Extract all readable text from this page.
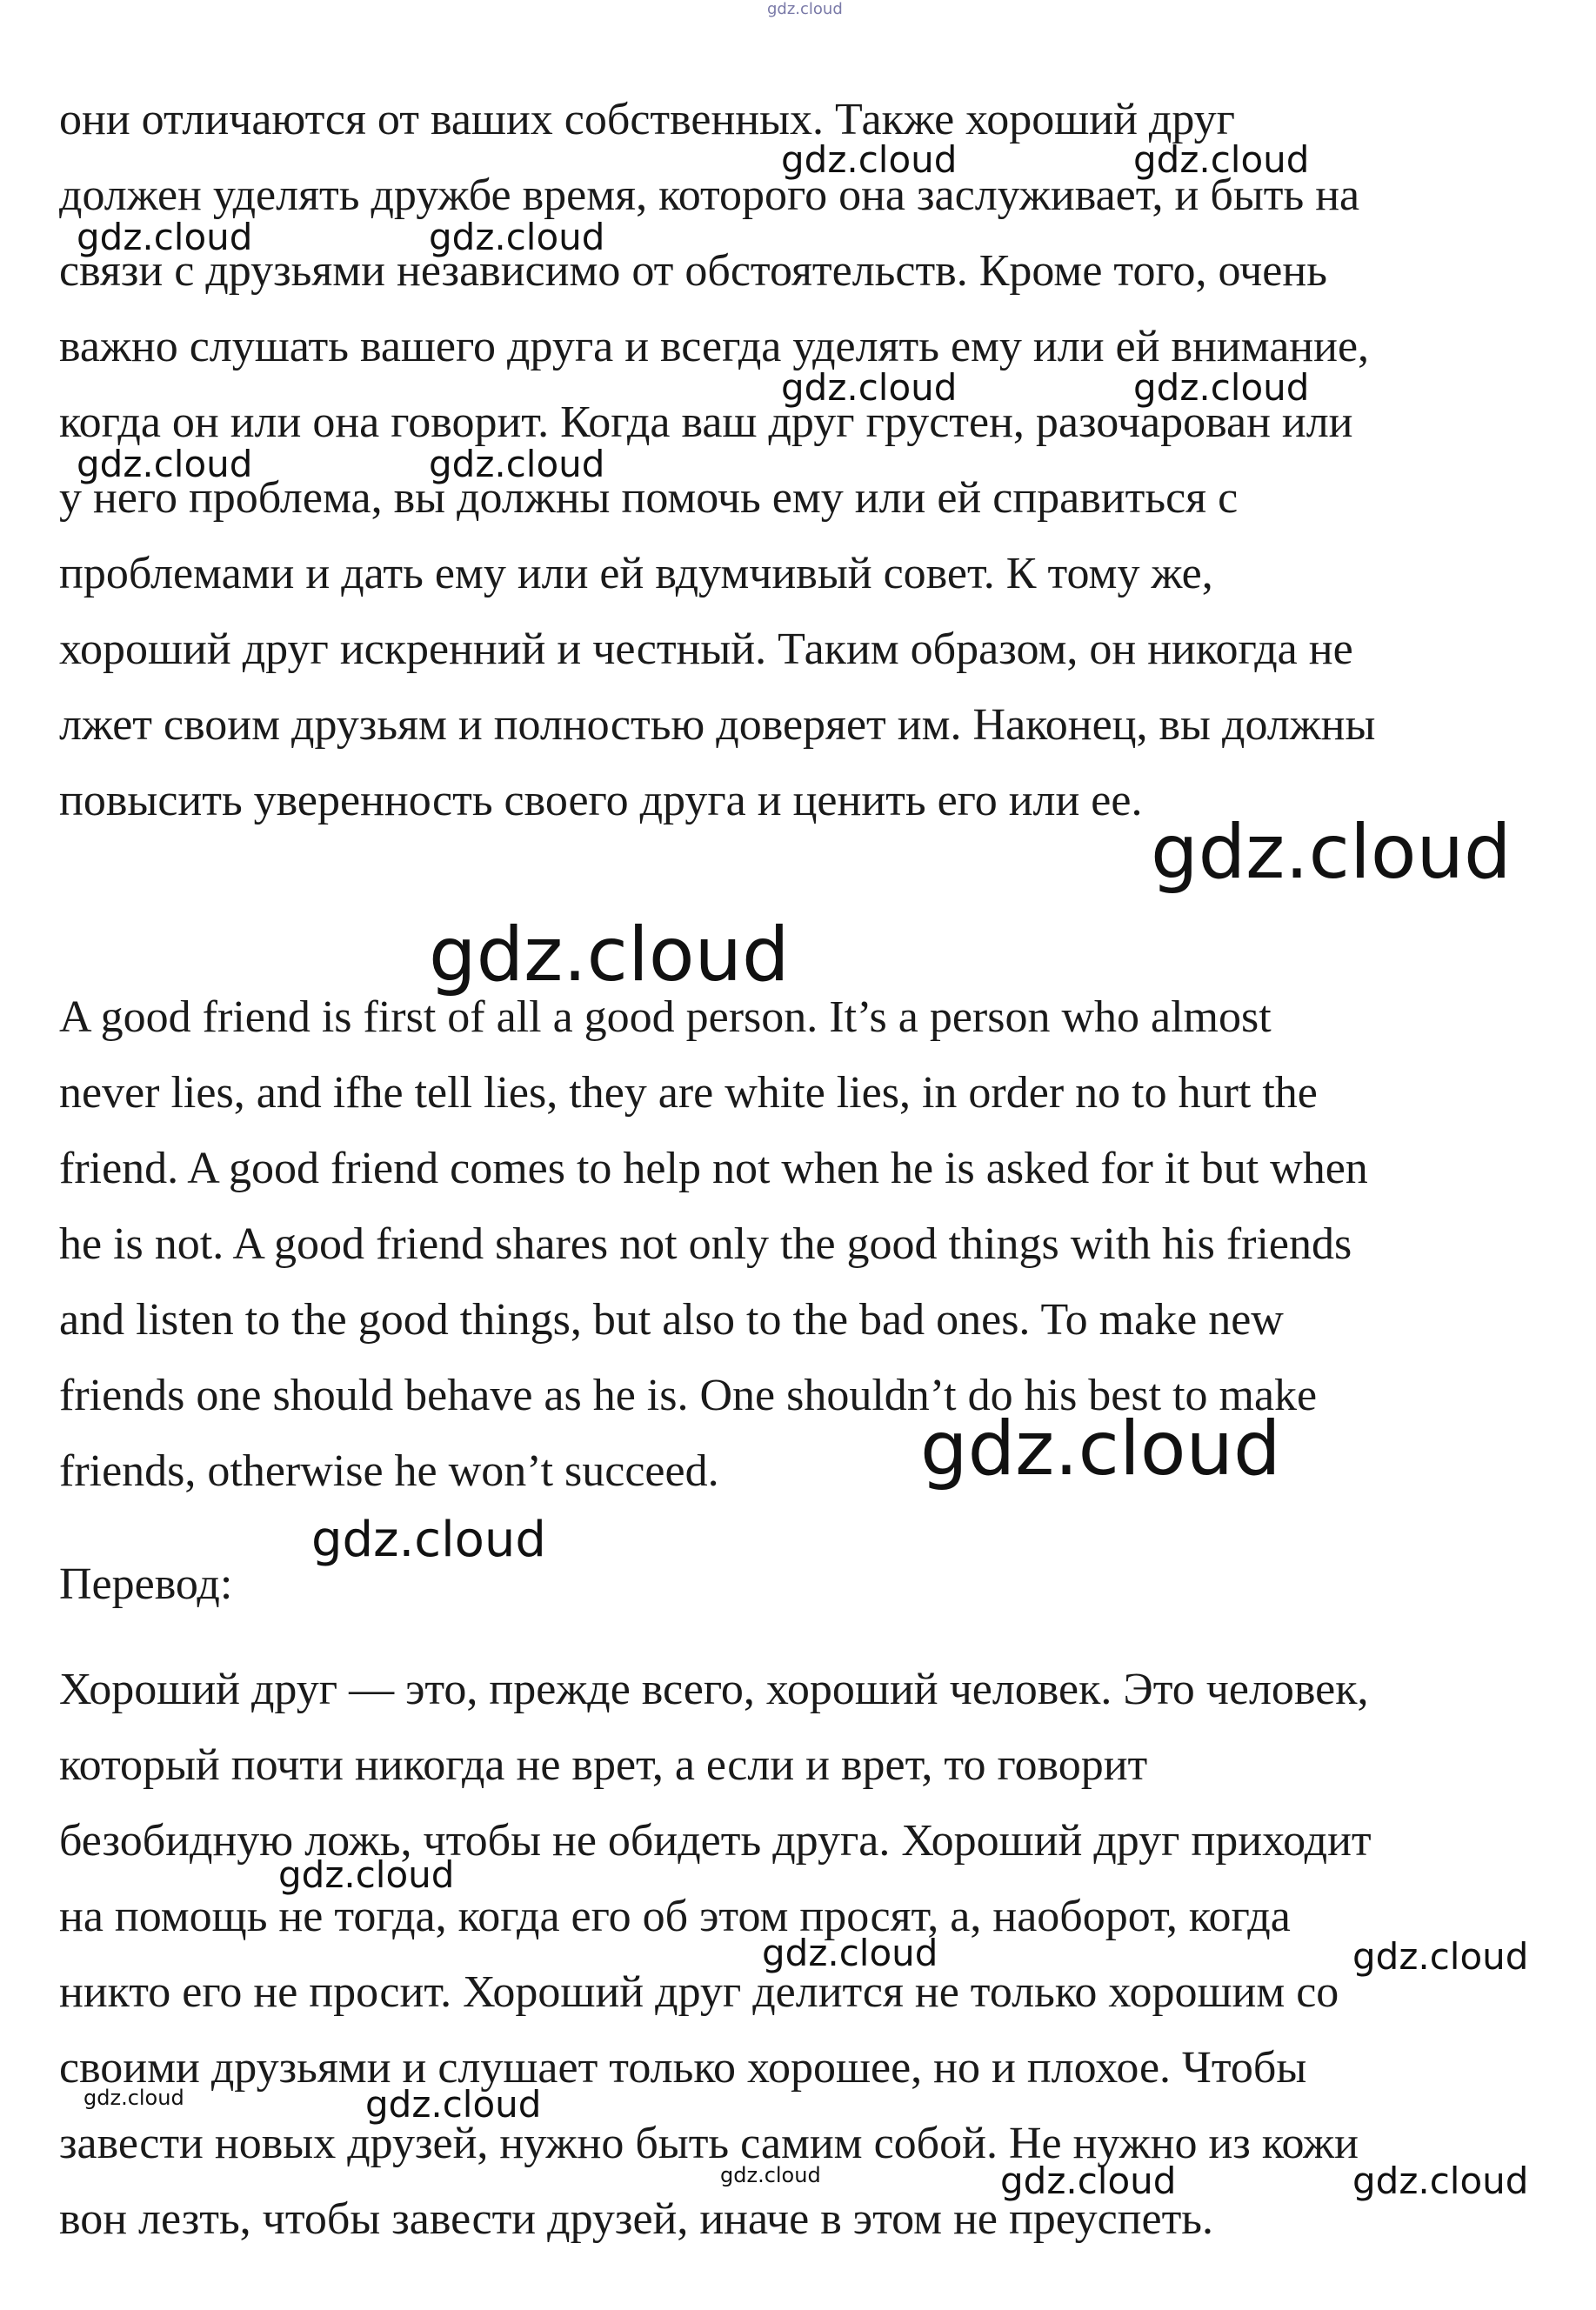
gdz.cloud
они отличаются от ваших собственных. Также хороший друг
должен уделять дружбе время, которого она заслуживает, и быть на
связи с друзьями независимо от обстоятельств. Кроме того, очень
важно слушать вашего друга и всегда уделять ему или ей внимание,
когда он или она говорит. Когда ваш друг грустен, разочарован или
у него проблема, вы должны помочь ему или ей справиться с
проблемами и дать ему или ей вдумчивый совет. К тому же,
хороший друг искренний и честный. Таким образом, он никогда не
лжет своим друзьям и полностью доверяет им. Наконец, вы должны
повысить уверенность своего друга и ценить его или ее.
A good friend is first of all a good person. It’s a person who almost
never lies, and ifhe tell lies, they are white lies, in order no to hurt the
friend. A good friend comes to help not when he is asked for it but when
he is not. A good friend shares not only the good things with his friends
and listen to the good things, but also to the bad ones. To make new
friends one should behave as he is. One shouldn’t do his best to make
friends, otherwise he won’t succeed.
Перевод:
Хороший друг — это, прежде всего, хороший человек. Это человек,
который почти никогда не врет, а если и врет, то говорит
безобидную ложь, чтобы не обидеть друга. Хороший друг приходит
на помощь не тогда, когда его об этом просят, а, наоборот, когда
никто его не просит. Хороший друг делится не только хорошим со
своими друзьями и слушает только хорошее, но и плохое. Чтобы
завести новых друзей, нужно быть самим собой. Не нужно из кожи
вон лезть, чтобы завести друзей, иначе в этом не преуспеть.
gdz.cloud	gdz.cloud
gdz.cloud	gdz.cloud
gdz.cloud	gdz.cloud
gdz.cloud	gdz.cloud
gdz.cloud
gdz.cloud
gdz.cloud
gdz.cloud
gdz.cloud
gdz.cloud	gdz.cloud
gdz.cloud	gdz.cloud
gdz.cloud	gdz.cloud	gdz.cloud
